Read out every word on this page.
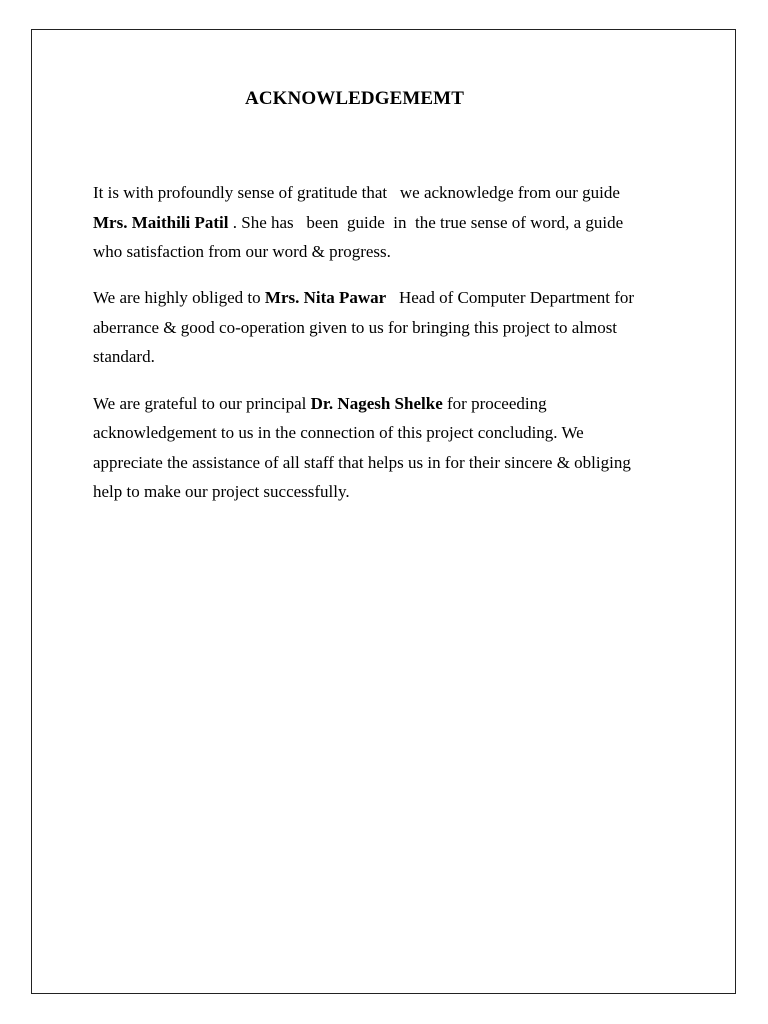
ACKNOWLEDGEMEMT
It is with profoundly sense of gratitude that   we acknowledge from our guide
Mrs. Maithili Patil . She has   been  guide  in  the true sense of word, a guide
who satisfaction from our word & progress.
We are highly obliged to Mrs. Nita Pawar   Head of Computer Department for
aberrance & good co-operation given to us for bringing this project to almost
standard.
We are grateful to our principal Dr. Nagesh Shelke for proceeding
acknowledgement to us in the connection of this project concluding. We
appreciate the assistance of all staff that helps us in for their sincere & obliging
help to make our project successfully.
